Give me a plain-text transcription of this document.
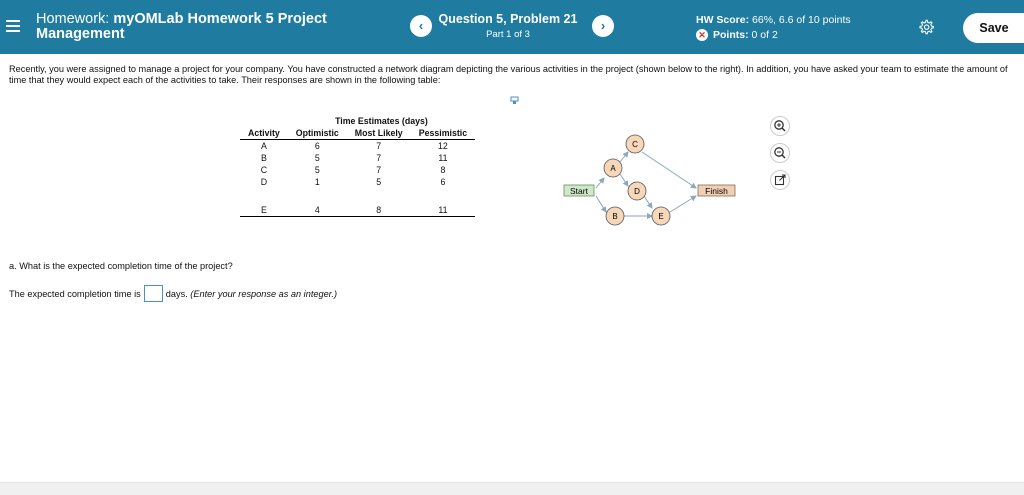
Homework: myOMLab Homework 5 Project
Management
‹	Question 5, Problem 21
Part 1 of 3
›	HW Score: 66%, 6.6 of 10 points
✕ Points: 0 of 2	Save
Recently, you were assigned to manage a project for your company. You have constructed a network diagram depicting the various activities in the project (shown below to the right). In addition, you have asked your team to estimate the amount of time that they would expect each of the activities to take. Their responses are shown in the following table:
	Time Estimates (days)		
Activity	Optimistic	Most Likely	Pessimistic
A	6	7	12
B	5	7	11
C	5	7	8
D	1	5	6

E	4	8	11
Start	Finish
A
C
D
B	E
a. What is the expected completion time of the project?
The expected completion time is	days.
(Enter your response as an integer.)
